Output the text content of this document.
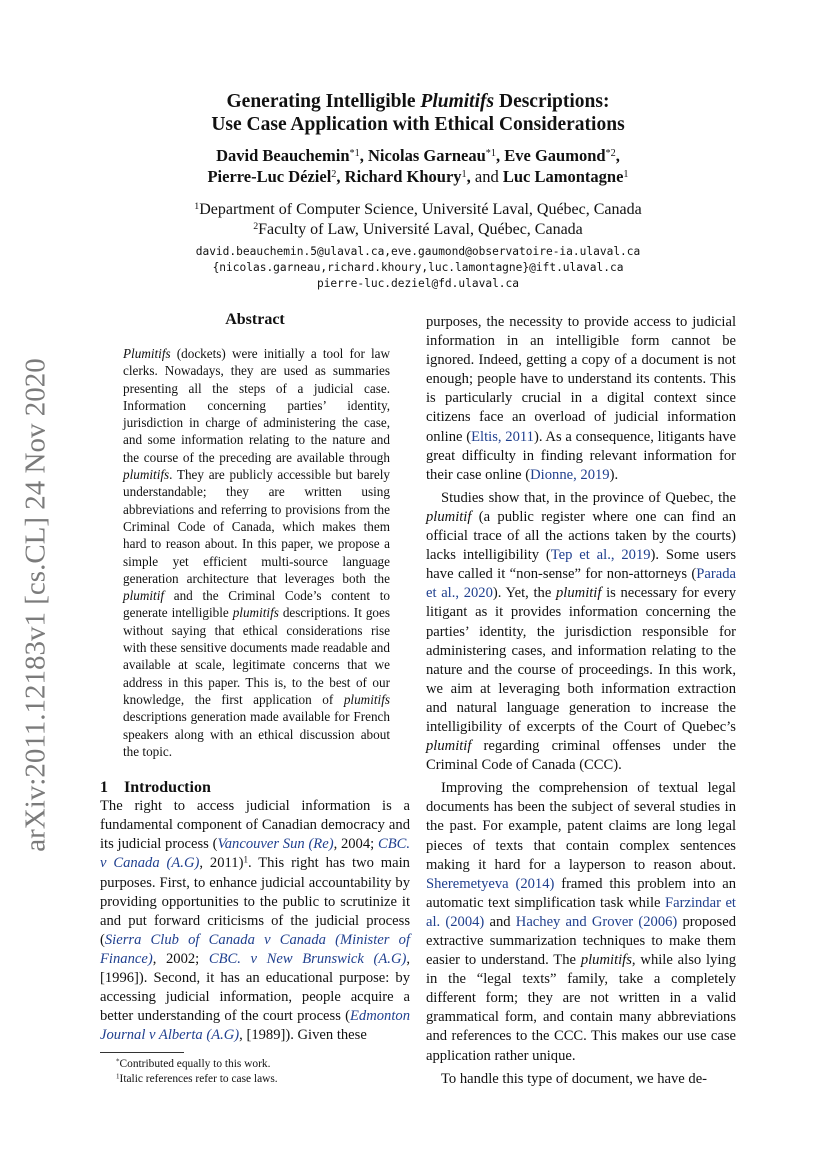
arXiv:2011.12183v1 [cs.CL] 24 Nov 2020
Generating Intelligible Plumitifs Descriptions:
Use Case Application with Ethical Considerations
David Beauchemin$^{*1}$, Nicolas Garneau$^{*1}$, Eve Gaumond$^{*2}$,
Pierre-Luc Déziel$^2$, Richard Khoury$^1$, and Luc Lamontagne$^1$
$^1$Department of Computer Science, Université Laval, Québec, Canada
$^2$Faculty of Law, Université Laval, Québec, Canada
david.beauchemin.5@ulaval.ca,eve.gaumond@observatoire-ia.ulaval.ca
{nicolas.garneau,richard.khoury,luc.lamontagne}@ift.ulaval.ca
pierre-luc.deziel@fd.ulaval.ca
Abstract
Plumitifs (dockets) were initially a tool for law clerks. Nowadays, they are used as summaries presenting all the steps of a judicial case. Information concerning parties’ identity, jurisdiction in charge of administering the case, and some information relating to the nature and the course of the preceding are available through plumitifs. They are publicly accessible but barely understandable; they are written using abbreviations and referring to provisions from the Criminal Code of Canada, which makes them hard to reason about. In this paper, we propose a simple yet efficient multi-source language generation architecture that leverages both the plumitif and the Criminal Code’s content to generate intelligible plumitifs descriptions. It goes without saying that ethical considerations rise with these sensitive documents made readable and available at scale, legitimate concerns that we address in this paper. This is, to the best of our knowledge, the first application of plumitifs descriptions generation made available for French speakers along with an ethical discussion about the topic.
1 Introduction

The right to access judicial information is a fundamental component of Canadian democracy and its judicial process (Vancouver Sun (Re), 2004; CBC. v Canada (A.G), 2011)$^1$. This right has two main purposes. First, to enhance judicial accountability by providing opportunities to the public to scrutinize it and put forward criticisms of the judicial process (Sierra Club of Canada v Canada (Minister of Finance), 2002; CBC. v New Brunswick (A.G), [1996]). Second, it has an educational purpose: by accessing judicial information, people acquire a better understanding of the court process (Edmonton Journal v Alberta (A.G), [1989]). Given these

*Contributed equally to this work.
$^1$Italic references refer to case laws.

purposes, the necessity to provide access to judicial information in an intelligible form cannot be ignored. Indeed, getting a copy of a document is not enough; people have to understand its contents. This is particularly crucial in a digital context since citizens face an overload of judicial information online (Eltis, 2011). As a consequence, litigants have great difficulty in finding relevant information for their case online (Dionne, 2019).

Studies show that, in the province of Quebec, the plumitif (a public register where one can find an official trace of all the actions taken by the courts) lacks intelligibility (Tep et al., 2019). Some users have called it “non-sense” for non-attorneys (Parada et al., 2020). Yet, the plumitif is necessary for every litigant as it provides information concerning the parties’ identity, the jurisdiction responsible for administering cases, and information relating to the nature and the course of proceedings. In this work, we aim at leveraging both information extraction and natural language generation to increase the intelligibility of excerpts of the Court of Quebec’s plumitif regarding criminal offenses under the Criminal Code of Canada (CCC).

Improving the comprehension of textual legal documents has been the subject of several studies in the past. For example, patent claims are long legal pieces of texts that contain complex sentences making it hard for a layperson to reason about. Sheremetyeva (2014) framed this problem into an automatic text simplification task while Farzindar et al. (2004) and Hachey and Grover (2006) proposed extractive summarization techniques to make them easier to understand. The plumitifs, while also lying in the “legal texts” family, take a completely different form; they are not written in a valid grammatical form, and contain many abbreviations and references to the CCC. This makes our use case application rather unique.

To handle this type of document, we have de-
